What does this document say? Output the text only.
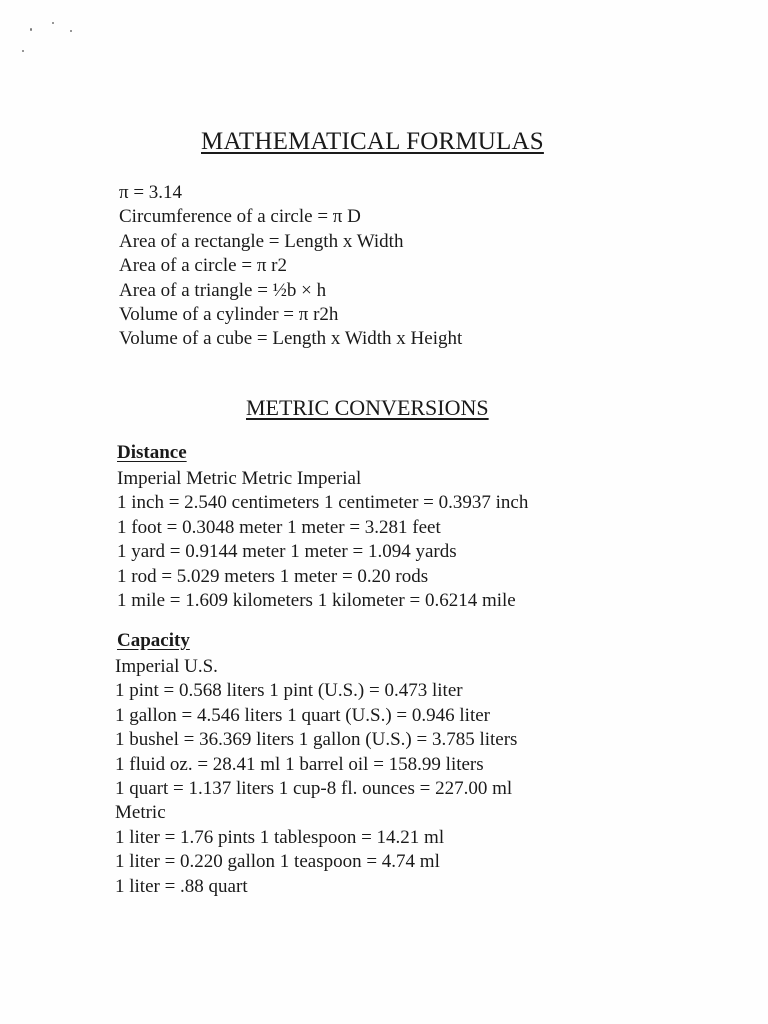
MATHEMATICAL FORMULAS
π = 3.14
Circumference of a circle = π D
Area of a rectangle = Length x Width
Area of a circle = π r2
Area of a triangle = ½b × h
Volume of a cylinder = π r2h
Volume of a cube = Length x Width x Height
METRIC CONVERSIONS
Distance
Imperial Metric Metric Imperial
1 inch = 2.540 centimeters 1 centimeter = 0.3937 inch
1 foot = 0.3048 meter 1 meter = 3.281 feet
1 yard = 0.9144 meter 1 meter = 1.094 yards
1 rod = 5.029 meters 1 meter = 0.20 rods
1 mile = 1.609 kilometers 1 kilometer = 0.6214 mile
Capacity
Imperial U.S.
1 pint = 0.568 liters 1 pint (U.S.) = 0.473 liter
1 gallon = 4.546 liters 1 quart (U.S.) = 0.946 liter
1 bushel = 36.369 liters 1 gallon (U.S.) = 3.785 liters
1 fluid oz. = 28.41 ml 1 barrel oil = 158.99 liters
1 quart = 1.137 liters 1 cup-8 fl. ounces = 227.00 ml
Metric
1 liter = 1.76 pints 1 tablespoon = 14.21 ml
1 liter = 0.220 gallon 1 teaspoon = 4.74 ml
1 liter = .88 quart
